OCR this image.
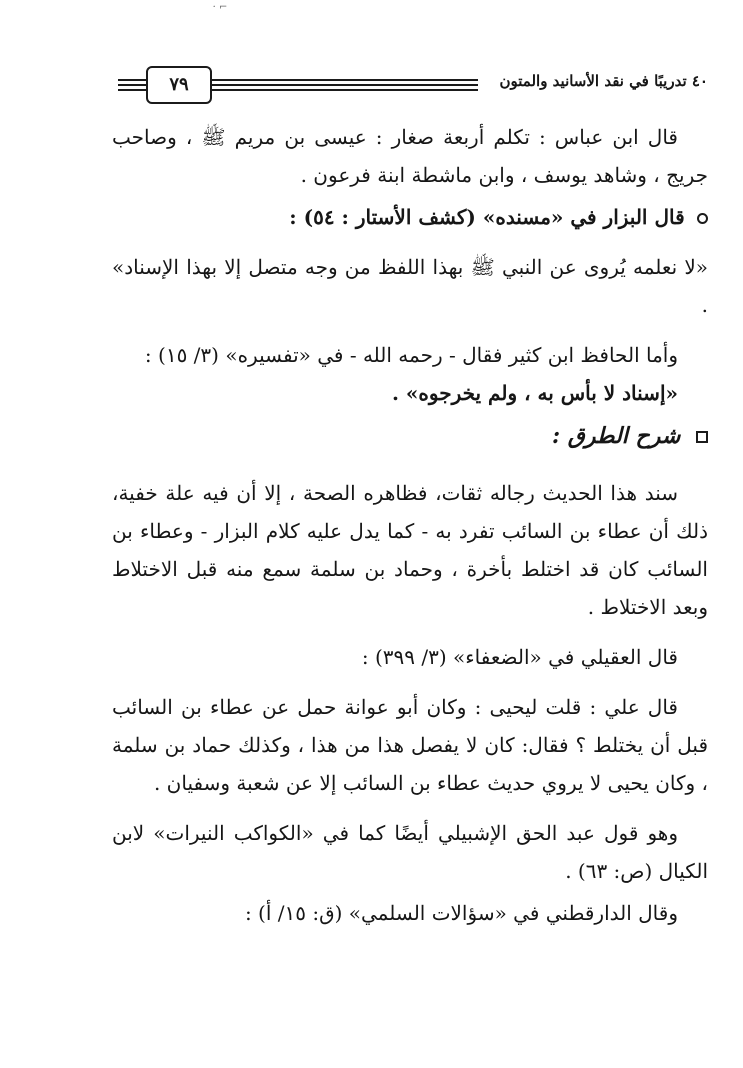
⌐ ·
٧٩	٤٠ تدريبًا في نقد الأسانيد والمتون

قال ابن عباس : تكلم أربعة صغار : عيسى بن مريم ﷺ ، وصاحب جريج ، وشاهد يوسف ، وابن ماشطة ابنة فرعون .

قال البزار في «مسنده» (كشف الأستار : ٥٤) :

«لا نعلمه يُروى عن النبي ﷺ بهذا اللفظ من وجه متصل إلا بهذا الإسناد» .

وأما الحافظ ابن كثير فقال - رحمه الله - في «تفسيره» (٣/ ١٥) :

«إسناد لا بأس به ، ولم يخرجوه» .

شرح الطرق :

سند هذا الحديث رجاله ثقات، فظاهره الصحة ، إلا أن فيه علة خفية، ذلك أن عطاء بن السائب تفرد به - كما يدل عليه كلام البزار - وعطاء بن السائب كان قد اختلط بأخرة ، وحماد بن سلمة سمع منه قبل الاختلاط وبعد الاختلاط .

قال العقيلي في «الضعفاء» (٣/ ٣٩٩) :

قال علي : قلت ليحيى : وكان أبو عوانة حمل عن عطاء بن السائب قبل أن يختلط ؟ فقال: كان لا يفصل هذا من هذا ، وكذلك حماد بن سلمة ، وكان يحيى لا يروي حديث عطاء بن السائب إلا عن شعبة وسفيان .

وهو قول عبد الحق الإشبيلي أيضًا كما في «الكواكب النيرات» لابن الكيال (ص: ٦٣) .

وقال الدارقطني في «سؤالات السلمي» (ق: ١٥/ أ) :
